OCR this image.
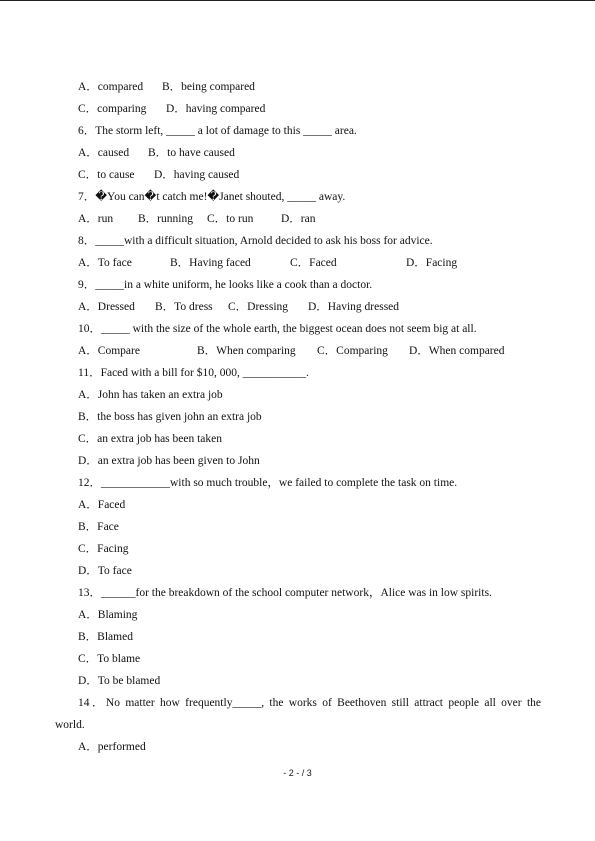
A．compared B．being compared
C．comparing D．having compared
6．The storm left, _____ a lot of damage to this _____ area.
A．caused B．to have caused
C．to cause D．having caused
7．�You can�t catch me!�Janet shouted, _____ away.
A．run B．running C．to run D．ran
8．_____with a difficult situation, Arnold decided to ask his boss for advice.
A．To face	B．Having faced	C．Faced	D．Facing
9．_____in a white uniform, he looks like a cook than a doctor.
A．Dressed B．To dress C．Dressing D．Having dressed
10．_____ with the size of the whole earth, the biggest ocean does not seem big at all.
A．Compare	B．When comparing C．Comparing D．When compared
11．Faced with a bill for $10, 000, ___________.
A．John has taken an extra job
B．the boss has given john an extra job
C．an extra job has been taken
D．an extra job has been given to John
12．____________with so much trouble，we failed to complete the task on time.
A．Faced
B．Face
C．Facing
D．To face
13．______for the breakdown of the school computer network，Alice was in low spirits.
A．Blaming
B．Blamed
C．To blame
D．To be blamed
14．No matter how frequently_____, the works of Beethoven still attract people all over the
world.
A．performed
- 2 - / 3
